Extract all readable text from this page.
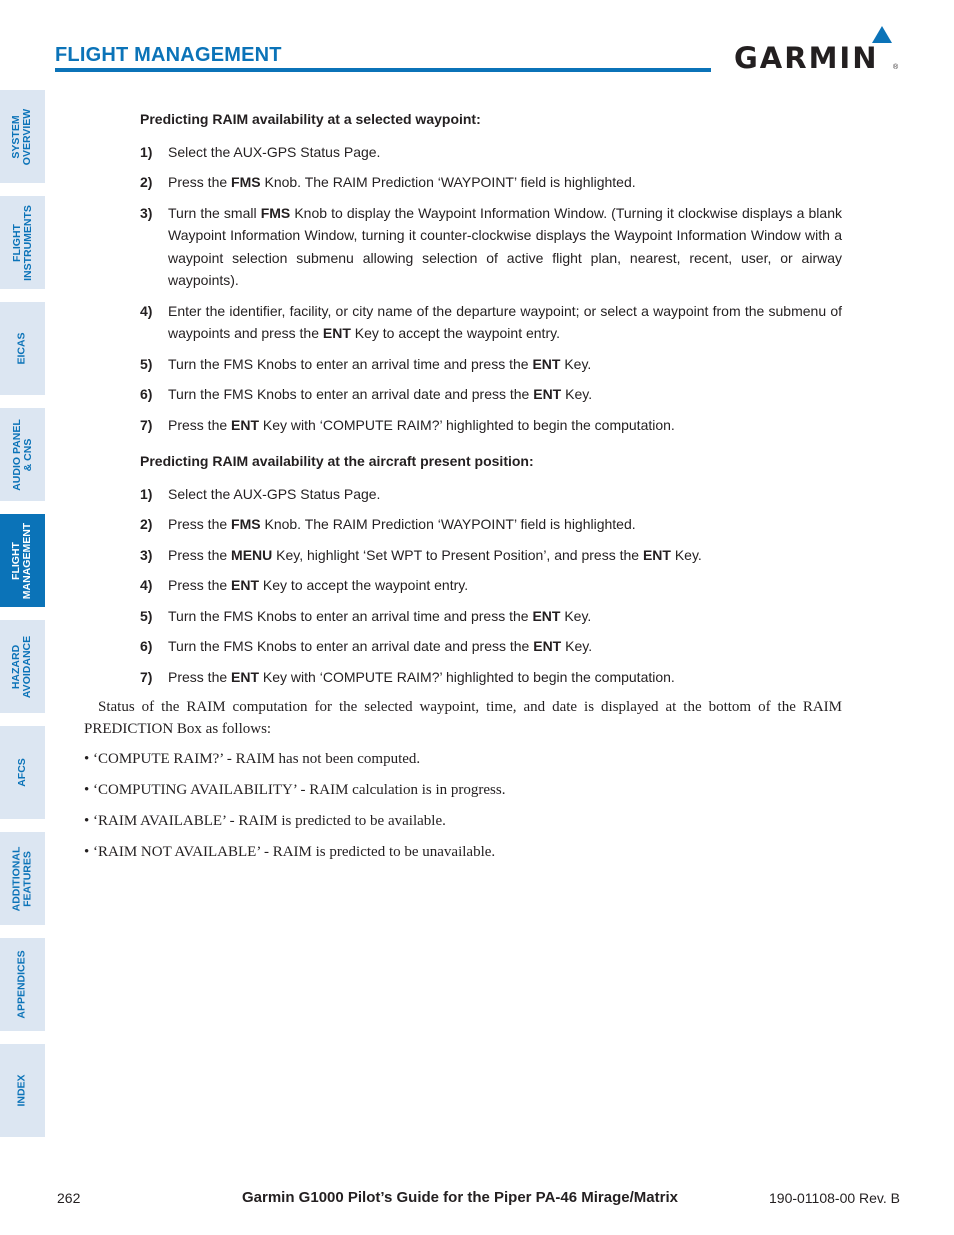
FLIGHT MANAGEMENT	GARMIN ®
SYSTEM
OVERVIEW
FLIGHT
INSTRUMENTS
EICAS
AUDIO PANEL
& CNS
FLIGHT
MANAGEMENT
HAZARD
AVOIDANCE
AFCS
ADDITIONAL
FEATURES
APPENDICES
INDEX
Predicting RAIM availability at a selected waypoint:
1)	Select the AUX-GPS Status Page.
2)	Press the FMS Knob. The RAIM Prediction ‘WAYPOINT’ field is highlighted.
3)	Turn the small FMS Knob to display the Waypoint Information Window. (Turning it clockwise displays a blank Waypoint Information Window, turning it counter-clockwise displays the Waypoint Information Window with a waypoint selection submenu allowing selection of active flight plan, nearest, recent, user, or airway waypoints).
4)	Enter the identifier, facility, or city name of the departure waypoint; or select a waypoint from the submenu of waypoints and press the ENT Key to accept the waypoint entry.
5)	Turn the FMS Knobs to enter an arrival time and press the ENT Key.
6)	Turn the FMS Knobs to enter an arrival date and press the ENT Key.
7)	Press the ENT Key with ‘COMPUTE RAIM?’ highlighted to begin the computation.
Predicting RAIM availability at the aircraft present position:
1)	Select the AUX-GPS Status Page.
2)	Press the FMS Knob. The RAIM Prediction ‘WAYPOINT’ field is highlighted.
3)	Press the MENU Key, highlight ‘Set WPT to Present Position’, and press the ENT Key.
4)	Press the ENT Key to accept the waypoint entry.
5)	Turn the FMS Knobs to enter an arrival time and press the ENT Key.
6)	Turn the FMS Knobs to enter an arrival date and press the ENT Key.
7)	Press the ENT Key with ‘COMPUTE RAIM?’ highlighted to begin the computation.
Status of the RAIM computation for the selected waypoint, time, and date is displayed at the bottom of the RAIM PREDICTION Box as follows:
• ‘COMPUTE RAIM?’ - RAIM has not been computed.
• ‘COMPUTING AVAILABILITY’ - RAIM calculation is in progress.
• ‘RAIM AVAILABLE’ - RAIM is predicted to be available.
• ‘RAIM NOT AVAILABLE’ - RAIM is predicted to be unavailable.
262	Garmin G1000 Pilot’s Guide for the Piper PA-46 Mirage/Matrix	190-01108-00 Rev. B
